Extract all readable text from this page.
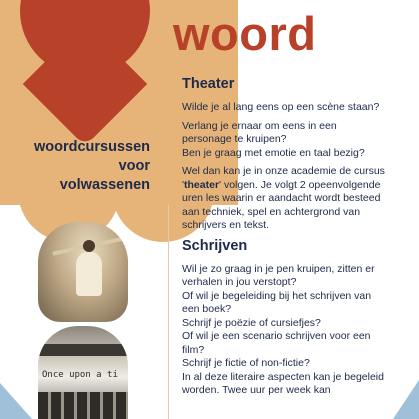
woord
woordcursussen
voor
volwassenen
Once upon a ti
Theater

Wilde je al lang eens op een scène staan?

Verlang je ernaar om eens in een personage te kruipen?

Ben je graag met emotie en taal bezig?

Wel dan kan je in onze academie de cursus 'theater' volgen. Je volgt 2 opeenvolgende uren les waarin er aandacht wordt besteed aan techniek, spel en achtergrond van schrijvers en tekst.

Schrijven

Wil je zo graag in je pen kruipen, zitten er verhalen in jou verstopt?

Of wil je begeleiding bij het schrijven van een boek?

Schrijf je poëzie of cursiefjes?

Of wil je een scenario schrijven voor een film?

Schrijf je fictie of non-fictie?

In al deze literaire aspecten kan je begeleid worden. Twee uur per week kan
